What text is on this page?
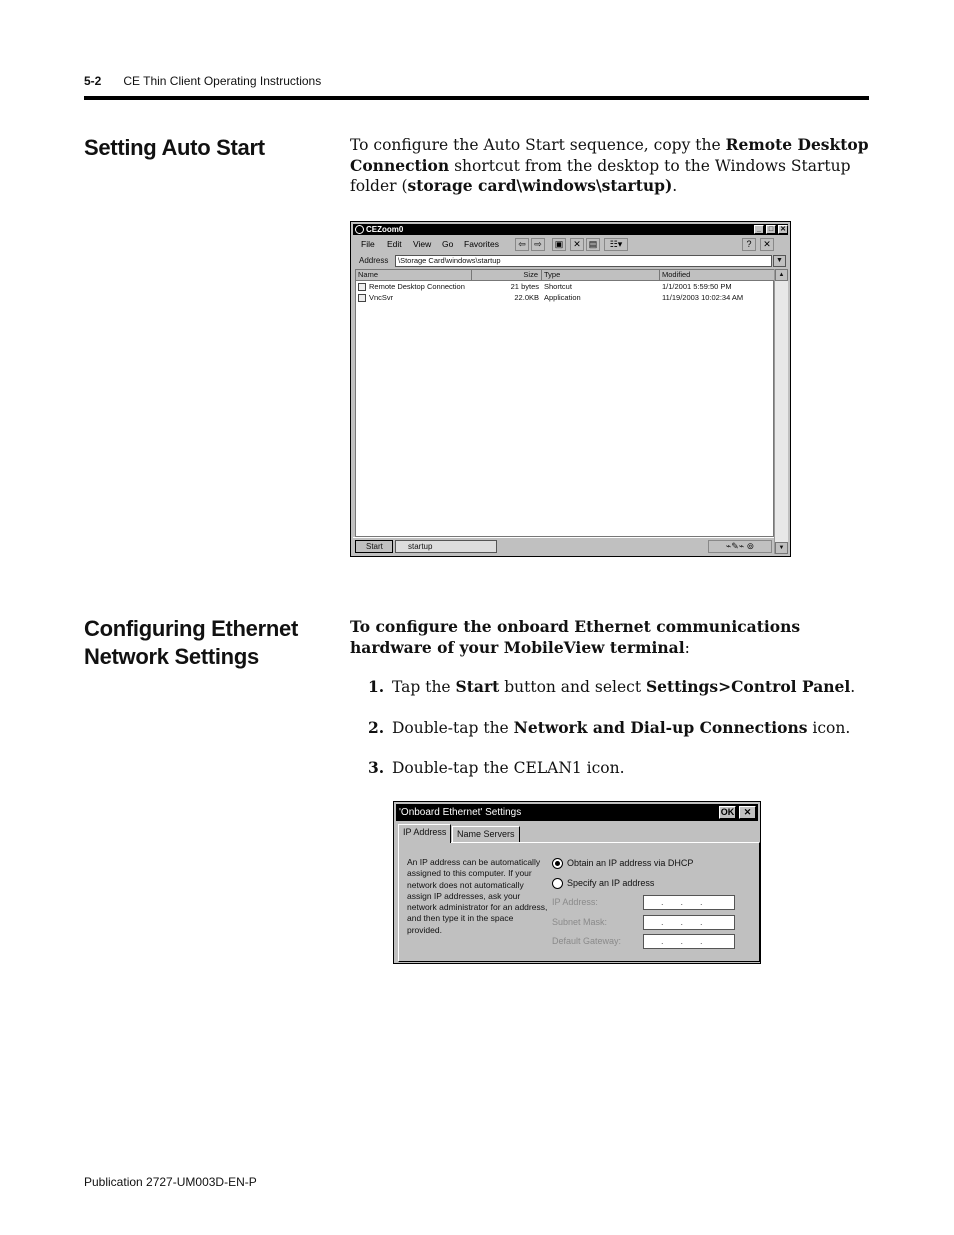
5-2 CE Thin Client Operating Instructions
Setting Auto Start	To configure the Auto Start sequence, copy the Remote Desktop Connection shortcut from the desktop to the Windows Startup folder (storage card\windows\startup).

CEZoom0	_	□ ✕
File Edit View Go Favorites	⇦ ⇨	▣	✕ ▤	☷▾	?	✕
Address	\Storage Card\windows\startup	▼
Name	Size Type	Modified
Remote Desktop Connection	21 bytes Shortcut	1/1/2001 5:59:50 PM
VncSvr	22.0KB Application	11/19/2003 10:02:34 AM
▲
▼
Start	startup	⌁✎⌁ ⊚
Configuring Ethernet
Network Settings

To configure the onboard Ethernet communications hardware of your MobileView terminal:

1. Tap the Start button and select Settings>Control Panel.
2. Double-tap the Network and Dial-up Connections icon.
3. Double-tap the CELAN1 icon.
'Onboard Ethernet' Settings	OK	✕
IP Address	Name Servers
An IP address can be automatically assigned to this computer. If your network does not automatically assign IP addresses, ask your network administrator for an address, and then type it in the space provided.
Obtain an IP address via DHCP
Specify an IP address
IP Address:	...
Subnet Mask:	...
Default Gateway:	...
Publication 2727-UM003D-EN-P
